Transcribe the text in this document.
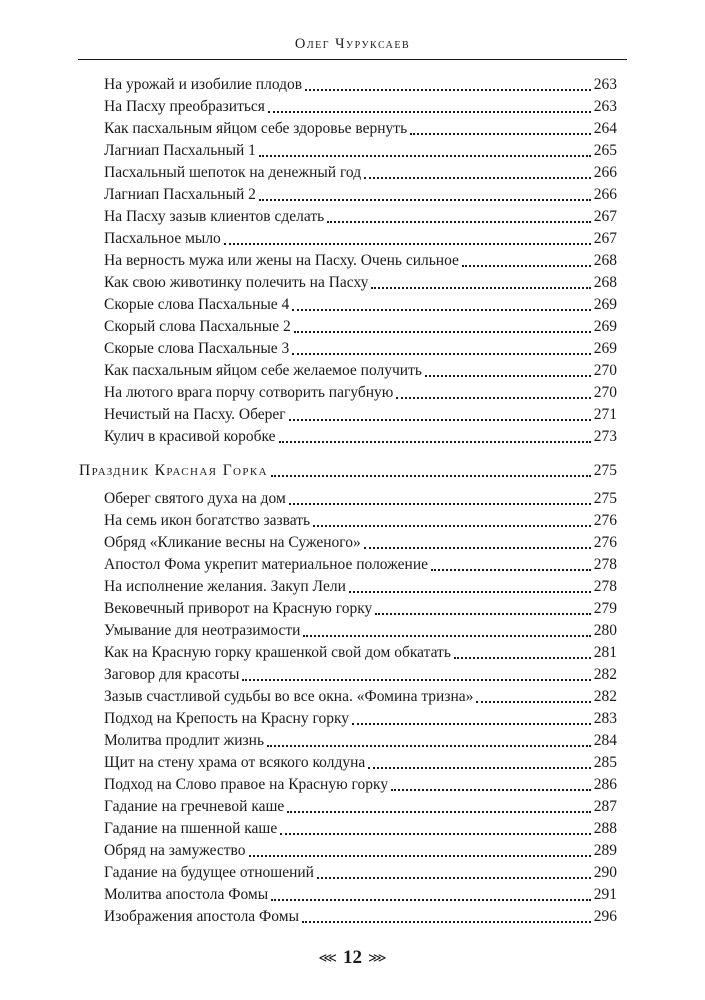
Олег Чуруксаев
На урожай и изобилие плодов	263
На Пасху преобразиться	263
Как пасхальным яйцом себе здоровье вернуть	264
Лагниап Пасхальный 1	265
Пасхальный шепоток на денежный год	266
Лагниап Пасхальный 2	266
На Пасху зазыв клиентов сделать	267
Пасхальное мыло	267
На верность мужа или жены на Пасху. Очень сильное	268
Как свою животинку полечить на Пасху	268
Скорые слова Пасхальные 4	269
Скорый слова Пасхальные 2	269
Скорые слова Пасхальные 3	269
Как пасхальным яйцом себе желаемое получить	270
На лютого врага порчу сотворить пагубную	270
Нечистый на Пасху. Оберег	271
Кулич в красивой коробке	273
Праздник Красная Горка	275
Оберег святого духа на дом	275
На семь икон богатство зазвать	276
Обряд «Кликание весны на Суженого»	276
Апостол Фома укрепит материальное положение	278
На исполнение желания. Закуп Лели	278
Вековечный приворот на Красную горку	279
Умывание для неотразимости	280
Как на Красную горку крашенкой свой дом обкатать	281
Заговор для красоты	282
Зазыв счастливой судьбы во все окна. «Фомина тризна»	282
Подход на Крепость на Красну горку	283
Молитва продлит жизнь	284
Щит на стену храма от всякого колдуна	285
Подход на Слово правое на Красную горку	286
Гадание на гречневой каше	287
Гадание на пшенной каше	288
Обряд на замужество	289
Гадание на будущее отношений	290
Молитва апостола Фомы	291
Изображения апостола Фомы	296
⋘ 12 ⋙
